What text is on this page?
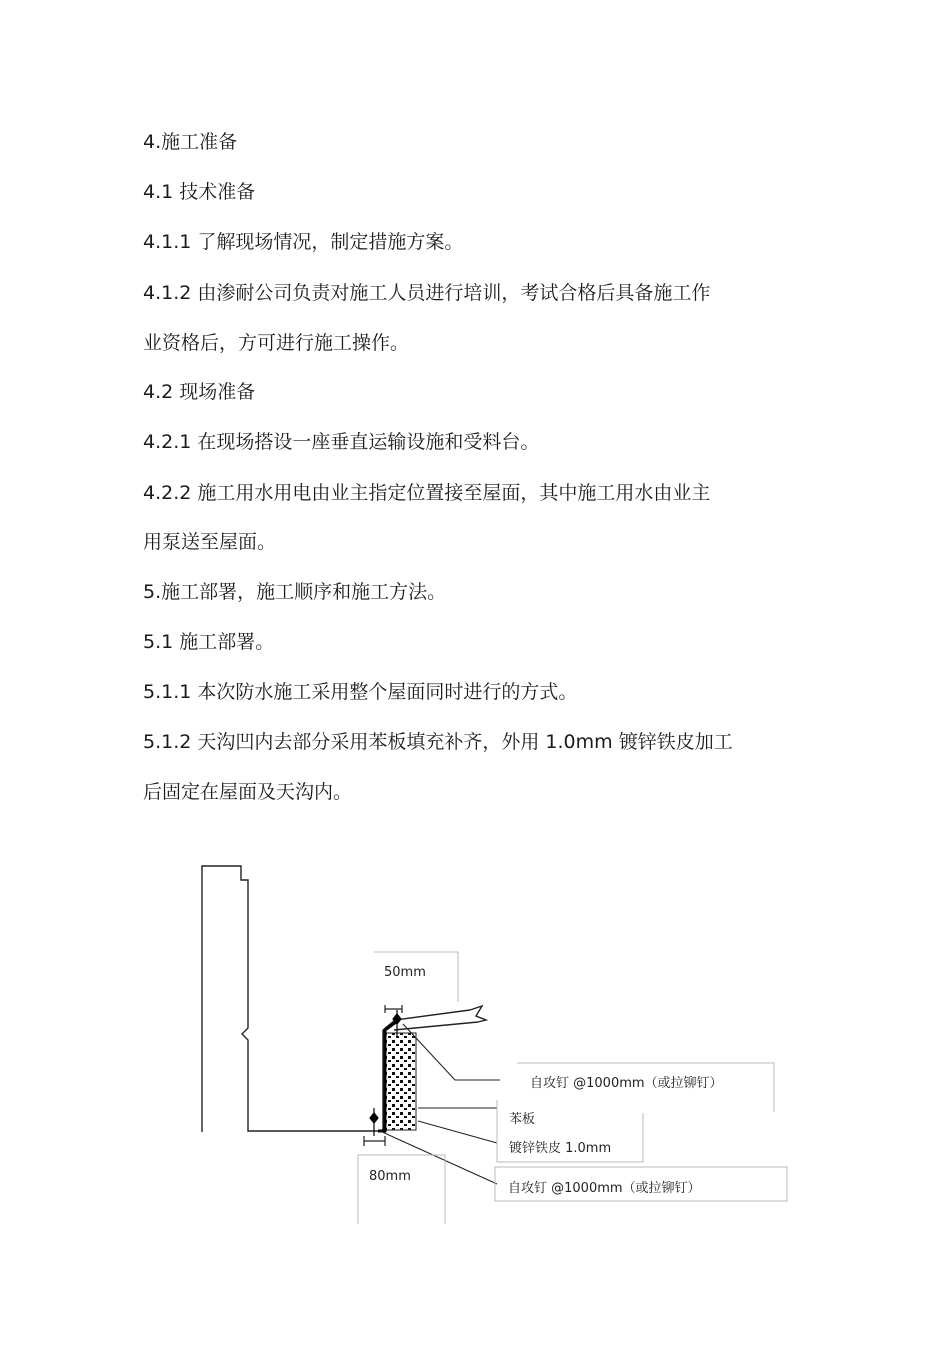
4.施工准备

4.1 技术准备

4.1.1 了解现场情况，制定措施方案。

4.1.2 由渗耐公司负责对施工人员进行培训，考试合格后具备施工作

业资格后，方可进行施工操作。

4.2 现场准备

4.2.1 在现场搭设一座垂直运输设施和受料台。

4.2.2 施工用水用电由业主指定位置接至屋面，其中施工用水由业主

用泵送至屋面。

5.施工部署，施工顺序和施工方法。

5.1 施工部署。

5.1.1 本次防水施工采用整个屋面同时进行的方式。

5.1.2 天沟凹内去部分采用苯板填充补齐，外用 1.0mm 镀锌铁皮加工

后固定在屋面及天沟内。

50mm
80mm
自攻钉 @1000mm（或拉铆钉）
苯板
镀锌铁皮 1.0mm
自攻钉 @1000mm（或拉铆钉）
